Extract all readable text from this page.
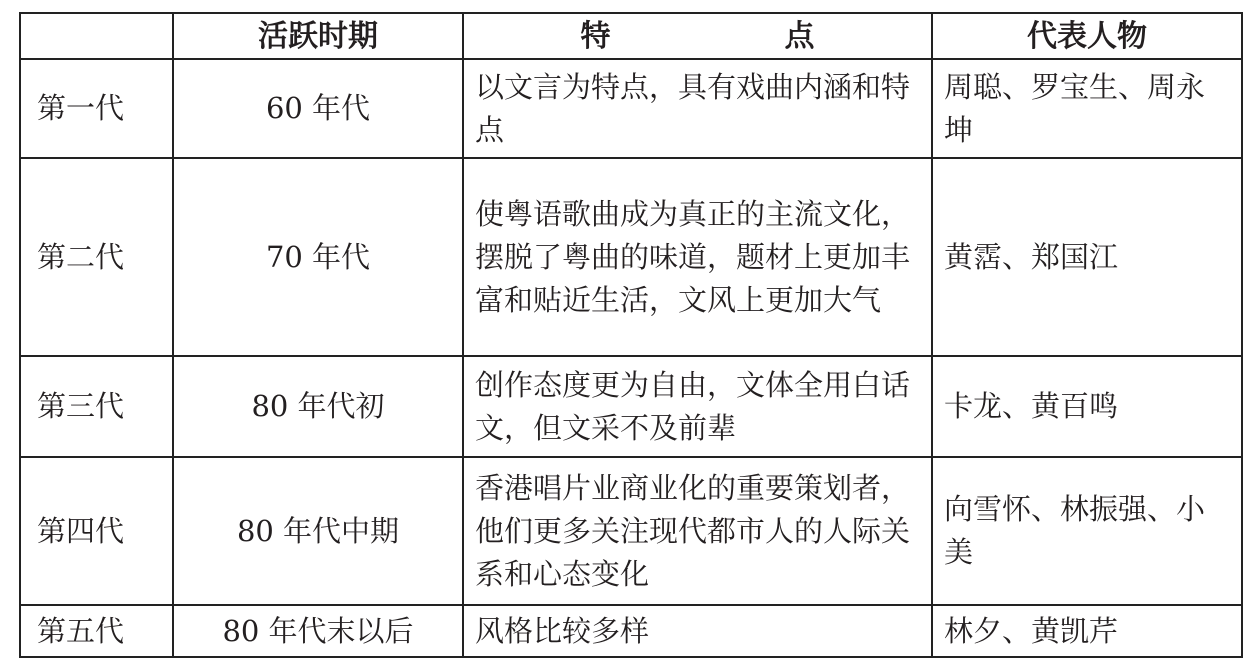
	活跃时期	特　点	代表人物
第一代	60 年代	以文言为特点，具有戏曲内涵和特点	周聪、罗宝生、周永坤
第二代	70 年代	使粤语歌曲成为真正的主流文化，摆脱了粤曲的味道，题材上更加丰富和贴近生活，文风上更加大气	黄霑、郑国江
第三代	80 年代初	创作态度更为自由，文体全用白话文，但文采不及前辈	卡龙、黄百鸣
第四代	80 年代中期	香港唱片业商业化的重要策划者，他们更多关注现代都市人的人际关系和心态变化	向雪怀、林振强、小美
第五代	80 年代末以后	风格比较多样	林夕、黄凯芹
